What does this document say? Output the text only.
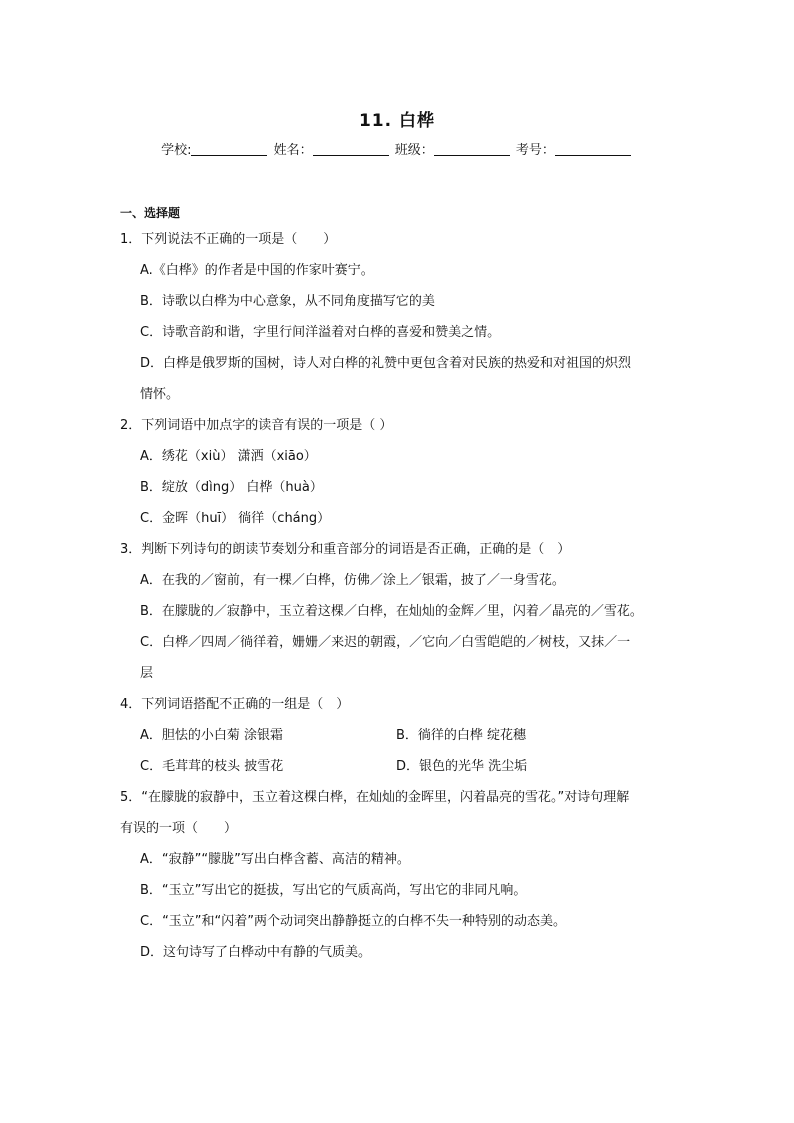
11. 白桦
学校:	姓名：	班级：	考号：
一、选择题
1．下列说法不正确的一项是（　　）
A.《白桦》的作者是中国的作家叶赛宁。
B．诗歌以白桦为中心意象，从不同角度描写它的美
C．诗歌音韵和谐，字里行间洋溢着对白桦的喜爱和赞美之情。
D．白桦是俄罗斯的国树，诗人对白桦的礼赞中更包含着对民族的热爱和对祖国的炽烈
情怀。
2．下列词语中加点字的读音有误的一项是（ ）
A．绣花（xiù） 潇洒（xiāo）
B．绽放（dìng） 白桦（huà）
C．金晖（huī） 徜徉（cháng）
3．判断下列诗句的朗读节奏划分和重音部分的词语是否正确，正确的是（　）
A．在我的／窗前，有一棵／白桦，仿佛／涂上／银霜，披了／一身雪花。
B．在朦胧的／寂静中，玉立着这棵／白桦，在灿灿的金辉／里，闪着／晶亮的／雪花。
C．白桦／四周／徜徉着，姗姗／来迟的朝霞，／它向／白雪皑皑的／树枝，又抹／一
层
4．下列词语搭配不正确的一组是（　）
A．胆怯的小白菊 涂银霜	B．徜徉的白桦 绽花穗
C．毛茸茸的枝头 披雪花	D．银色的光华 洗尘垢
5．“在朦胧的寂静中，玉立着这棵白桦，在灿灿的金晖里，闪着晶亮的雪花。”对诗句理解
有误的一项（　　）
A．“寂静”“朦胧”写出白桦含蓄、高洁的精神。
B．“玉立”写出它的挺拔，写出它的气质高尚，写出它的非同凡响。
C．“玉立”和“闪着”两个动词突出静静挺立的白桦不失一种特别的动态美。
D．这句诗写了白桦动中有静的气质美。
